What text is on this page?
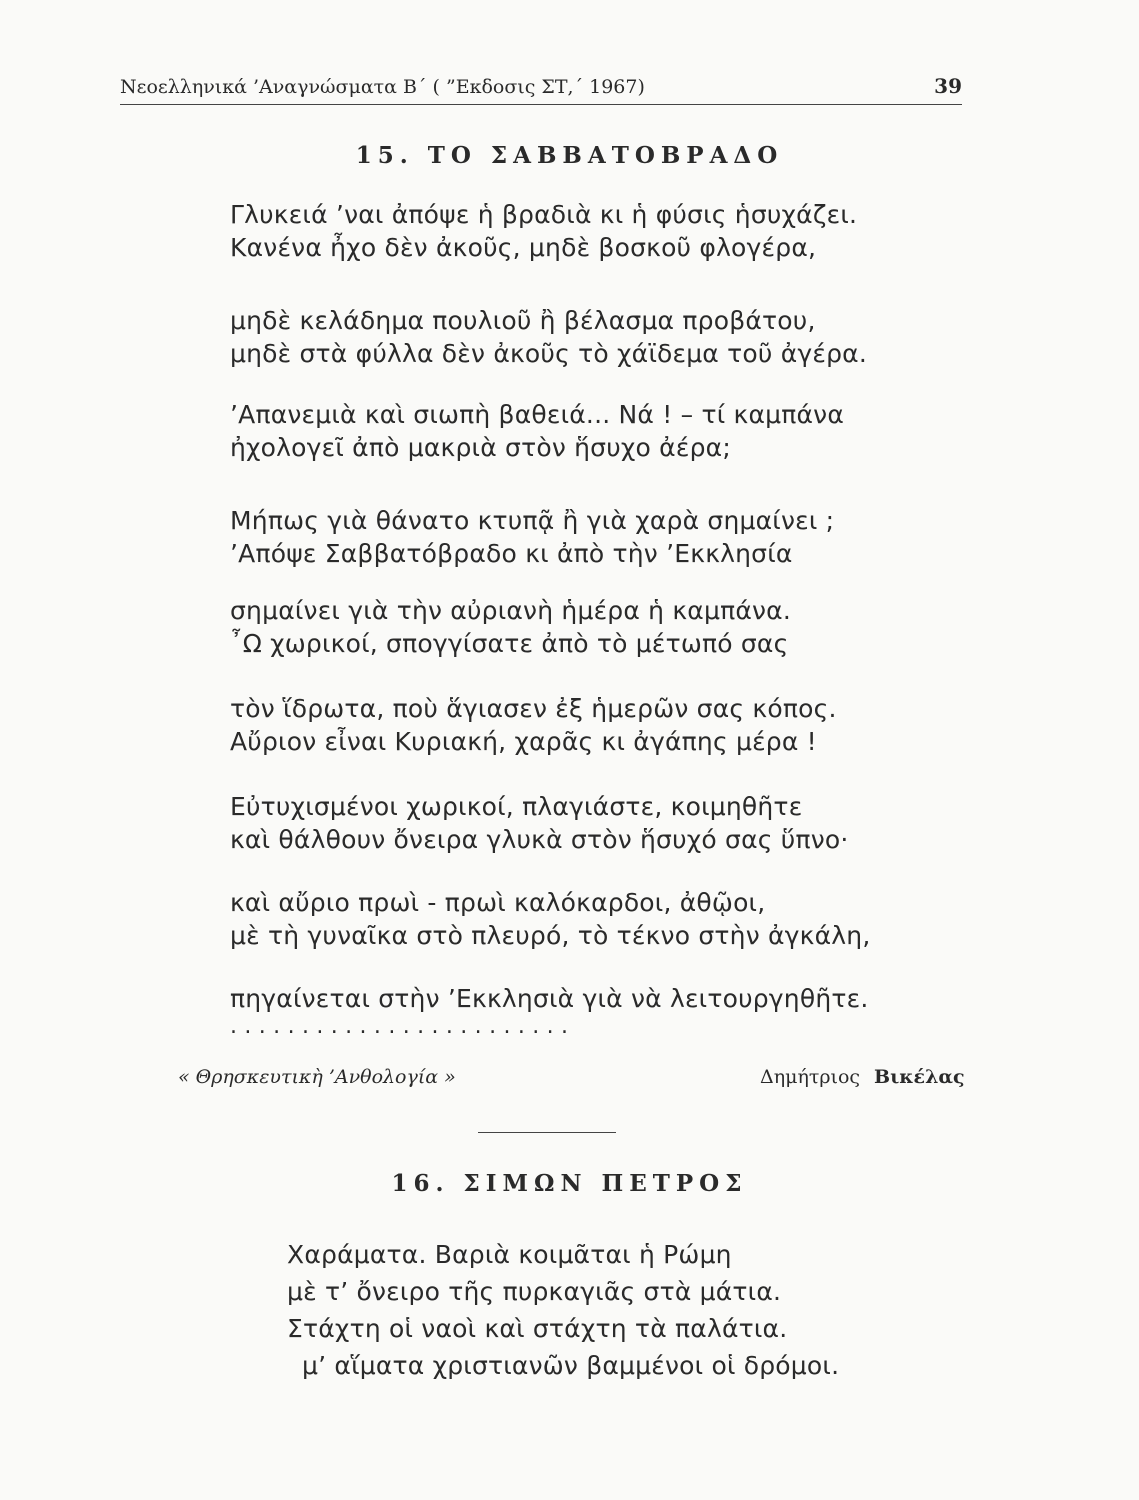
Νεοελληνικά ’Αναγνώσματα Β΄ ( ”Εκδοσις ΣΤ,΄ 1967)	39
15. ΤΟ ΣΑΒΒΑΤΟΒΡΑΔΟ
Γλυκειά ’ναι ἀπόψε ἡ βραδιὰ κι ἡ φύσις ἡσυχάζει.
Κανένα ἦχο δὲν ἀκοῦς, μηδὲ βοσκοῦ φλογέρα,
μηδὲ κελάδημα πουλιοῦ ἢ βέλασμα προβάτου,
μηδὲ στὰ φύλλα δὲν ἀκοῦς τὸ χάϊδεμα τοῦ ἀγέρα.
’Απανεμιὰ καὶ σιωπὴ βαθειά... Νά ! – τί καμπάνα
ἠχολογεῖ ἀπὸ μακριὰ στὸν ἥσυχο ἀέρα;
Μήπως γιὰ θάνατο κτυπᾷ ἢ γιὰ χαρὰ σημαίνει ;
’Απόψε Σαββατόβραδο κι ἀπὸ τὴν ’Εκκλησία
σημαίνει γιὰ τὴν αὐριανὴ ἡμέρα ἡ καμπάνα.
῏Ω χωρικοί, σπογγίσατε ἀπὸ τὸ μέτωπό σας
τὸν ἵδρωτα, ποὺ ἅγιασεν ἐξ ἡμερῶν σας κόπος.
Αὔριον εἶναι Κυριακή, χαρᾶς κι ἀγάπης μέρα !
Εὐτυχισμένοι χωρικοί, πλαγιάστε, κοιμηθῆτε
καὶ θάλθουν ὄνειρα γλυκὰ στὸν ἥσυχό σας ὕπνο·
καὶ αὔριο πρωὶ - πρωὶ καλόκαρδοι, ἀθῷοι,
μὲ τὴ γυναῖκα στὸ πλευρό, τὸ τέκνο στὴν ἀγκάλη,
πηγαίνεται στὴν ’Εκκλησιὰ γιὰ νὰ λειτουργηθῆτε.
........................
« Θρησκευτικὴ ’Ανθολογία »	Δημήτριος Βικέλας
16. ΣΙΜΩΝ ΠΕΤΡΟΣ
Χαράματα. Βαριὰ κοιμᾶται ἡ Ρώμη
μὲ τ’ ὄνειρο τῆς πυρκαγιᾶς στὰ μάτια.
Στάχτη οἱ ναοὶ καὶ στάχτη τὰ παλάτια.
μ’ αἵματα χριστιανῶν βαμμένοι οἱ δρόμοι.
